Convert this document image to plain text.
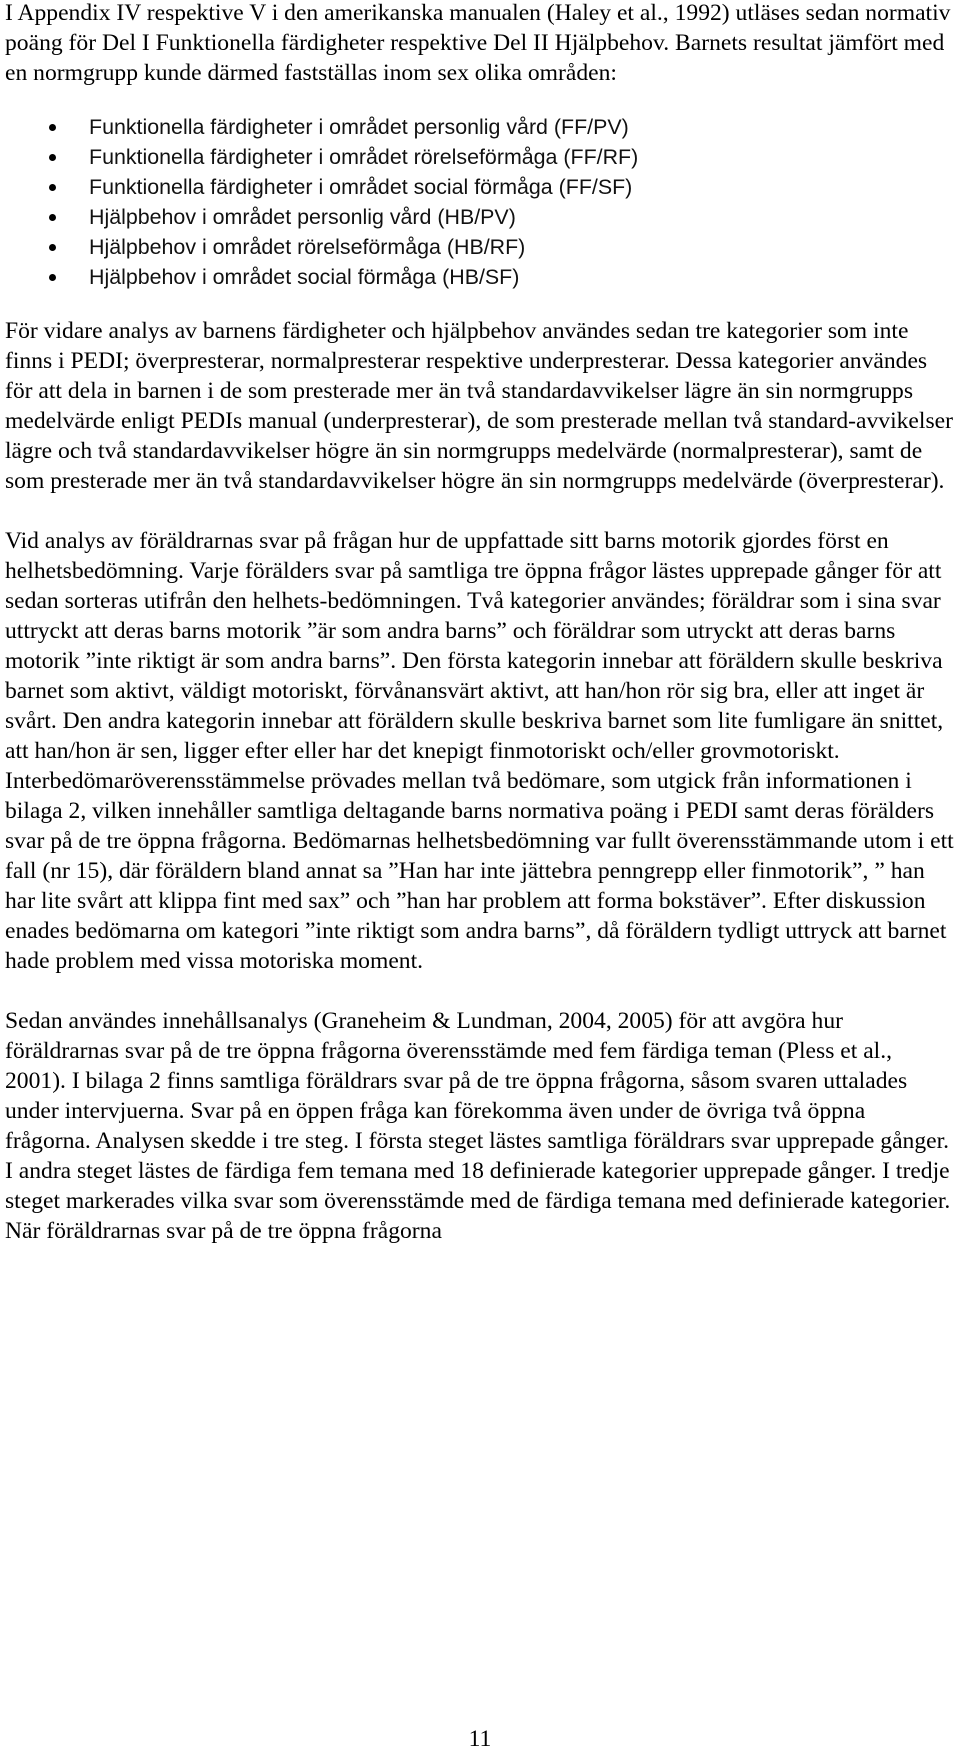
I Appendix IV respektive V i den amerikanska manualen (Haley et al., 1992) utläses sedan normativ poäng för Del I Funktionella färdigheter respektive Del II Hjälpbehov. Barnets resultat jämfört med en normgrupp kunde därmed fastställas inom sex olika områden:

Funktionella färdigheter i området personlig vård (FF/PV)
Funktionella färdigheter i området rörelseförmåga (FF/RF)
Funktionella färdigheter i området social förmåga (FF/SF)
Hjälpbehov i området personlig vård (HB/PV)
Hjälpbehov i området rörelseförmåga (HB/RF)
Hjälpbehov i området social förmåga (HB/SF)

För vidare analys av barnens färdigheter och hjälpbehov användes sedan tre kategorier som inte finns i PEDI; överpresterar, normalpresterar respektive underpresterar. Dessa kategorier användes för att dela in barnen i de som presterade mer än två standardavvikelser lägre än sin normgrupps medelvärde enligt PEDIs manual (underpresterar), de som presterade mellan två standard-avvikelser lägre och två standardavvikelser högre än sin normgrupps medelvärde (normalpresterar), samt de som presterade mer än två standardavvikelser högre än sin normgrupps medelvärde (överpresterar).

Vid analys av föräldrarnas svar på frågan hur de uppfattade sitt barns motorik gjordes först en helhetsbedömning. Varje förälders svar på samtliga tre öppna frågor lästes upprepade gånger för att sedan sorteras utifrån den helhets-bedömningen. Två kategorier användes; föräldrar som i sina svar uttryckt att deras barns motorik ”är som andra barns” och föräldrar som utryckt att deras barns motorik ”inte riktigt är som andra barns”. Den första kategorin innebar att föräldern skulle beskriva barnet som aktivt, väldigt motoriskt, förvånansvärt aktivt, att han/hon rör sig bra, eller att inget är svårt. Den andra kategorin innebar att föräldern skulle beskriva barnet som lite fumligare än snittet, att han/hon är sen, ligger efter eller har det knepigt finmotoriskt och/eller grovmotoriskt. Interbedömaröverensstämmelse prövades mellan två bedömare, som utgick från informationen i bilaga 2, vilken innehåller samtliga deltagande barns normativa poäng i PEDI samt deras förälders svar på de tre öppna frågorna. Bedömarnas helhetsbedömning var fullt överensstämmande utom i ett fall (nr 15), där föräldern bland annat sa ”Han har inte jättebra penngrepp eller finmotorik”, ” han har lite svårt att klippa fint med sax” och ”han har problem att forma bokstäver”. Efter diskussion enades bedömarna om kategori ”inte riktigt som andra barns”, då föräldern tydligt uttryck att barnet hade problem med vissa motoriska moment.

Sedan användes innehållsanalys (Graneheim & Lundman, 2004, 2005) för att avgöra hur föräldrarnas svar på de tre öppna frågorna överensstämde med fem färdiga teman (Pless et al., 2001). I bilaga 2 finns samtliga föräldrars svar på de tre öppna frågorna, såsom svaren uttalades under intervjuerna. Svar på en öppen fråga kan förekomma även under de övriga två öppna frågorna. Analysen skedde i tre steg. I första steget lästes samtliga föräldrars svar upprepade gånger. I andra steget lästes de färdiga fem temana med 18 definierade kategorier upprepade gånger. I tredje steget markerades vilka svar som överensstämde med de färdiga temana med definierade kategorier. När föräldrarnas svar på de tre öppna frågorna

11
